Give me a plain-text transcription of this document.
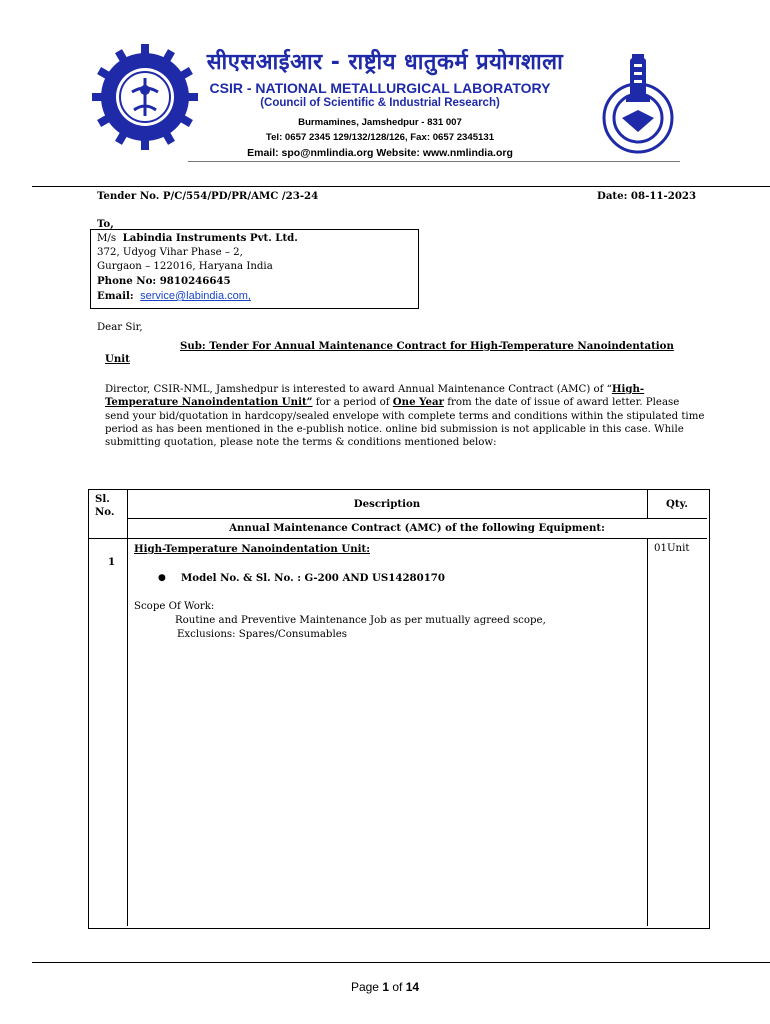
सीएसआईआर - राष्ट्रीय धातुकर्म प्रयोगशाला
CSIR - NATIONAL METALLURGICAL LABORATORY
(Council of Scientific & Industrial Research)
Burmamines, Jamshedpur - 831 007
Tel: 0657 2345 129/132/128/126, Fax: 0657 2345131
Email: spo@nmlindia.org Website: www.nmlindia.org
Tender No. P/C/554/PD/PR/AMC /23-24	Date: 08-11-2023
To,
M/s Labindia Instruments Pvt. Ltd.
372, Udyog Vihar Phase – 2,
Gurgaon – 122016, Haryana India
Phone No: 9810246645
Email: service@labindia.com,
Dear Sir,
Sub: Tender For Annual Maintenance Contract for High-Temperature Nanoindentation
Unit
Director, CSIR-NML, Jamshedpur is interested to award Annual Maintenance Contract (AMC) of “High-
Temperature Nanoindentation Unit” for a period of One Year from the date of issue of award letter. Please
send your bid/quotation in hardcopy/sealed envelope with complete terms and conditions within the stipulated time
period as has been mentioned in the e-publish notice. online bid submission is not applicable in this case. While
submitting quotation, please note the terms & conditions mentioned below:
Sl.
No.
Description	Qty.
Annual Maintenance Contract (AMC) of the following Equipment:
1
High-Temperature Nanoindentation Unit:
● Model No. & Sl. No. : G-200 AND US14280170
Scope Of Work:
Routine and Preventive Maintenance Job as per mutually agreed scope,
Exclusions: Spares/Consumables
01Unit
Page 1 of 14
